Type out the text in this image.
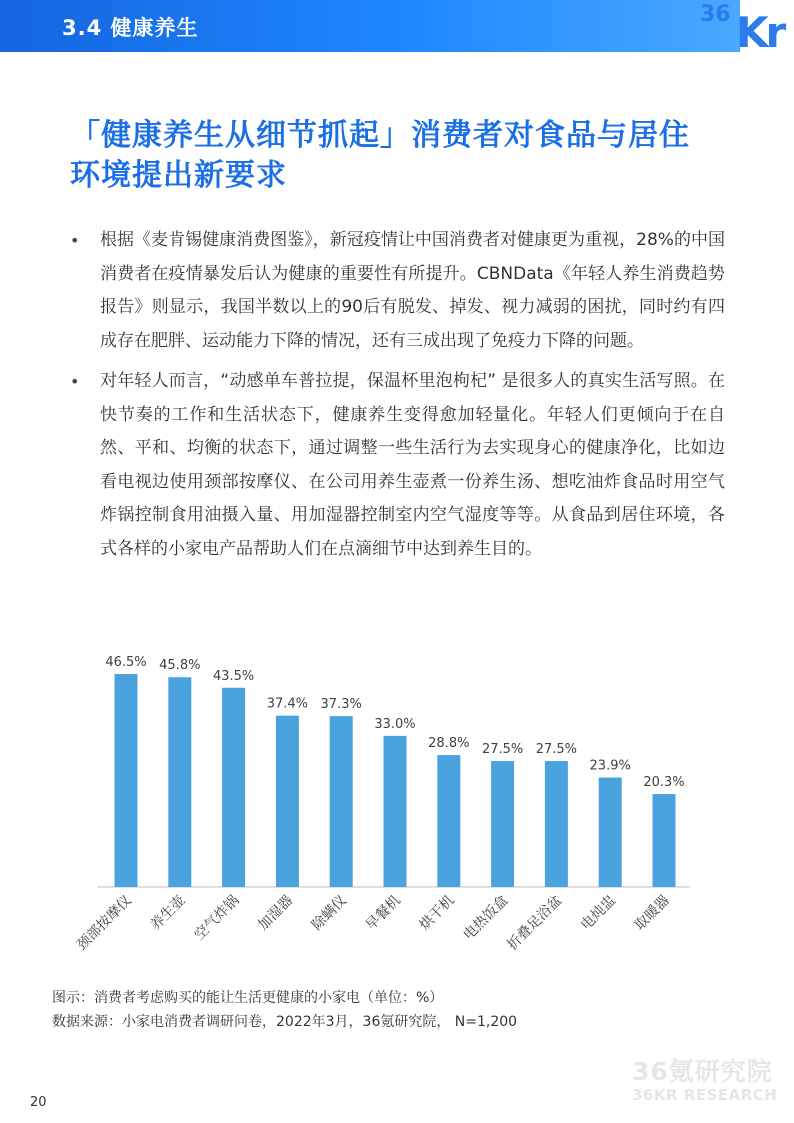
3.4 健康养生
36 Kr
「健康养生从细节抓起」消费者对食品与居住
环境提出新要求
• 根据《麦肯锡健康消费图鉴》，新冠疫情让中国消费者对健康更为重视，28%的中国消费者在疫情暴发后认为健康的重要性有所提升。CBNData《年轻人养生消费趋势报告》则显示，我国半数以上的90后有脱发、掉发、视力减弱的困扰，同时约有四成存在肥胖、运动能力下降的情况，还有三成出现了免疫力下降的问题。
• 对年轻人而言，“动感单车普拉提，保温杯里泡枸杞” 是很多人的真实生活写照。在快节奏的工作和生活状态下，健康养生变得愈加轻量化。年轻人们更倾向于在自然、平和、均衡的状态下，通过调整一些生活行为去实现身心的健康净化，比如边看电视边使用颈部按摩仪、在公司用养生壶煮一份养生汤、想吃油炸食品时用空气炸锅控制食用油摄入量、用加湿器控制室内空气湿度等等。从食品到居住环境，各式各样的小家电产品帮助人们在点滴细节中达到养生目的。
46.5%
颈部按摩仪
45.8%
养生壶
43.5%
空气炸锅
37.4%
加湿器
37.3%
除螨仪
33.0%
早餐机
28.8%
烘干机
27.5%
电热饭盒
27.5%
折叠足浴盆
23.9%
电炖盅
20.3%
取暖器
图示：消费者考虑购买的能让生活更健康的小家电（单位：%）
数据来源：小家电消费者调研问卷，2022年3月，36氪研究院， N=1,200
36氪研究院
36KR RESEARCH
20
